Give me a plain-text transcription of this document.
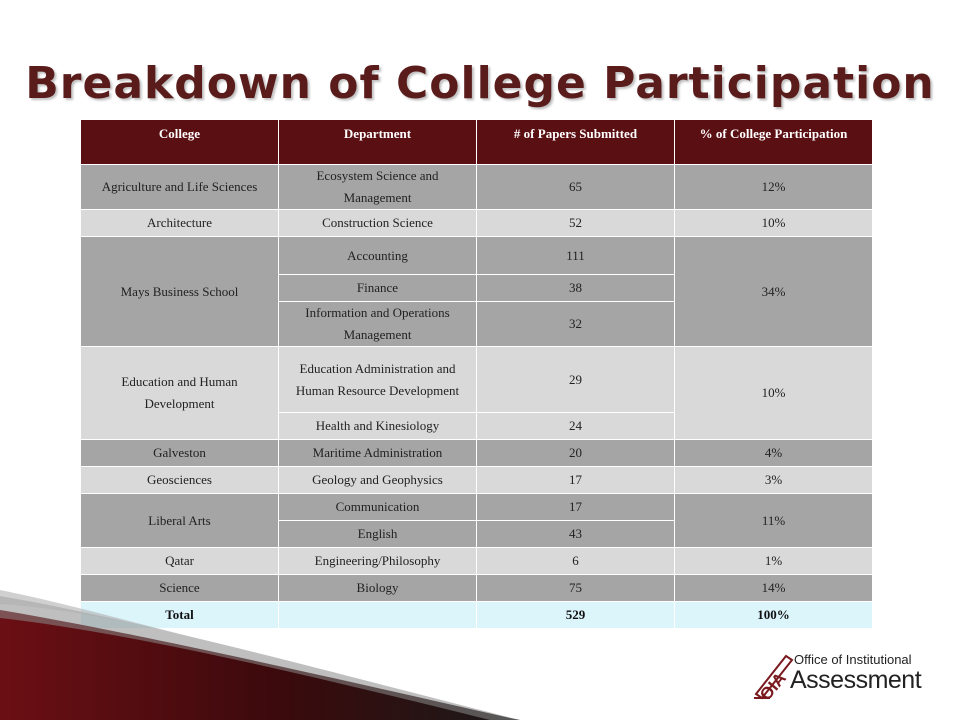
Breakdown of College Participation
College	Department	# of Papers Submitted	% of College Participation
Agriculture and Life Sciences	Ecosystem Science and Management	65	12%
Architecture	Construction Science	52	10%
Mays Business School	Accounting	111	34%
	Finance	38	
	Information and Operations Management	32	
Education and Human Development	Education Administration and Human Resource Development	29	10%
	Health and Kinesiology	24	
Galveston	Maritime Administration	20	4%
Geosciences	Geology and Geophysics	17	3%
Liberal Arts	Communication	17	11%
	English	43	
Qatar	Engineering/Philosophy	6	1%
Science	Biology	75	14%
Total		529	100%
OIA
Office of Institutional
Assessment
